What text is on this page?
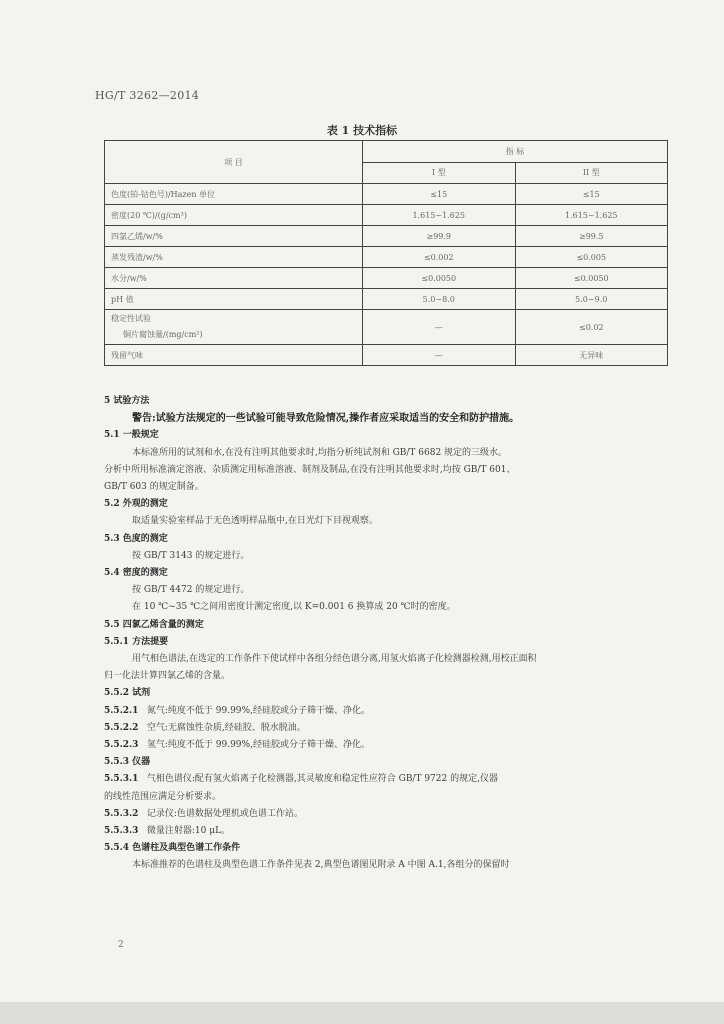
HG/T 3262—2014
表 1 技术指标
项 目	指 标	
	I 型	II 型
色度(铂-钴色号)/Hazen 单位	≤15	≤15
密度(20 ℃)/(g/cm³)	1.615~1.625	1.615~1.625
四氯乙烯/w/%	≥99.9	≥99.5
蒸发残渣/w/%	≤0.002	≤0.005
水分/w/%	≤0.0050	≤0.0050
pH 值	5.0~8.0	5.0~9.0

稳定性试验
铜片腐蚀量/(mg/cm²)	—	≤0.02
残留气味	—	无异味

5 试验方法

警告:试验方法规定的一些试验可能导致危险情况,操作者应采取适当的安全和防护措施。

5.1 一般规定

本标准所用的试剂和水,在没有注明其他要求时,均指分析纯试剂和 GB/T 6682 规定的三级水。

分析中所用标准滴定溶液、杂质测定用标准溶液、制剂及制品,在没有注明其他要求时,均按 GB/T 601、

GB/T 603 的规定制备。

5.2 外观的测定

取适量实验室样品于无色透明样品瓶中,在日光灯下目视观察。

5.3 色度的测定

按 GB/T 3143 的规定进行。

5.4 密度的测定

按 GB/T 4472 的规定进行。

在 10 ℃~35 ℃之间用密度计测定密度,以 K=0.001 6 换算成 20 ℃时的密度。

5.5 四氯乙烯含量的测定

5.5.1 方法提要

用气相色谱法,在选定的工作条件下使试样中各组分经色谱分离,用氢火焰离子化检测器检测,用校正面积

归一化法计算四氯乙烯的含量。

5.5.2 试剂

5.5.2.1 氮气:纯度不低于 99.99%,经硅胶或分子筛干燥、净化。

5.5.2.2 空气:无腐蚀性杂质,经硅胶、脱水脱油。

5.5.2.3 氢气:纯度不低于 99.99%,经硅胶或分子筛干燥、净化。

5.5.3 仪器

5.5.3.1 气相色谱仪:配有氢火焰离子化检测器,其灵敏度和稳定性应符合 GB/T 9722 的规定,仪器

的线性范围应满足分析要求。

5.5.3.2 记录仪:色谱数据处理机或色谱工作站。

5.5.3.3 微量注射器:10 μL。

5.5.4 色谱柱及典型色谱工作条件

本标准推荐的色谱柱及典型色谱工作条件见表 2,典型色谱图见附录 A 中图 A.1,各组分的保留时

2
